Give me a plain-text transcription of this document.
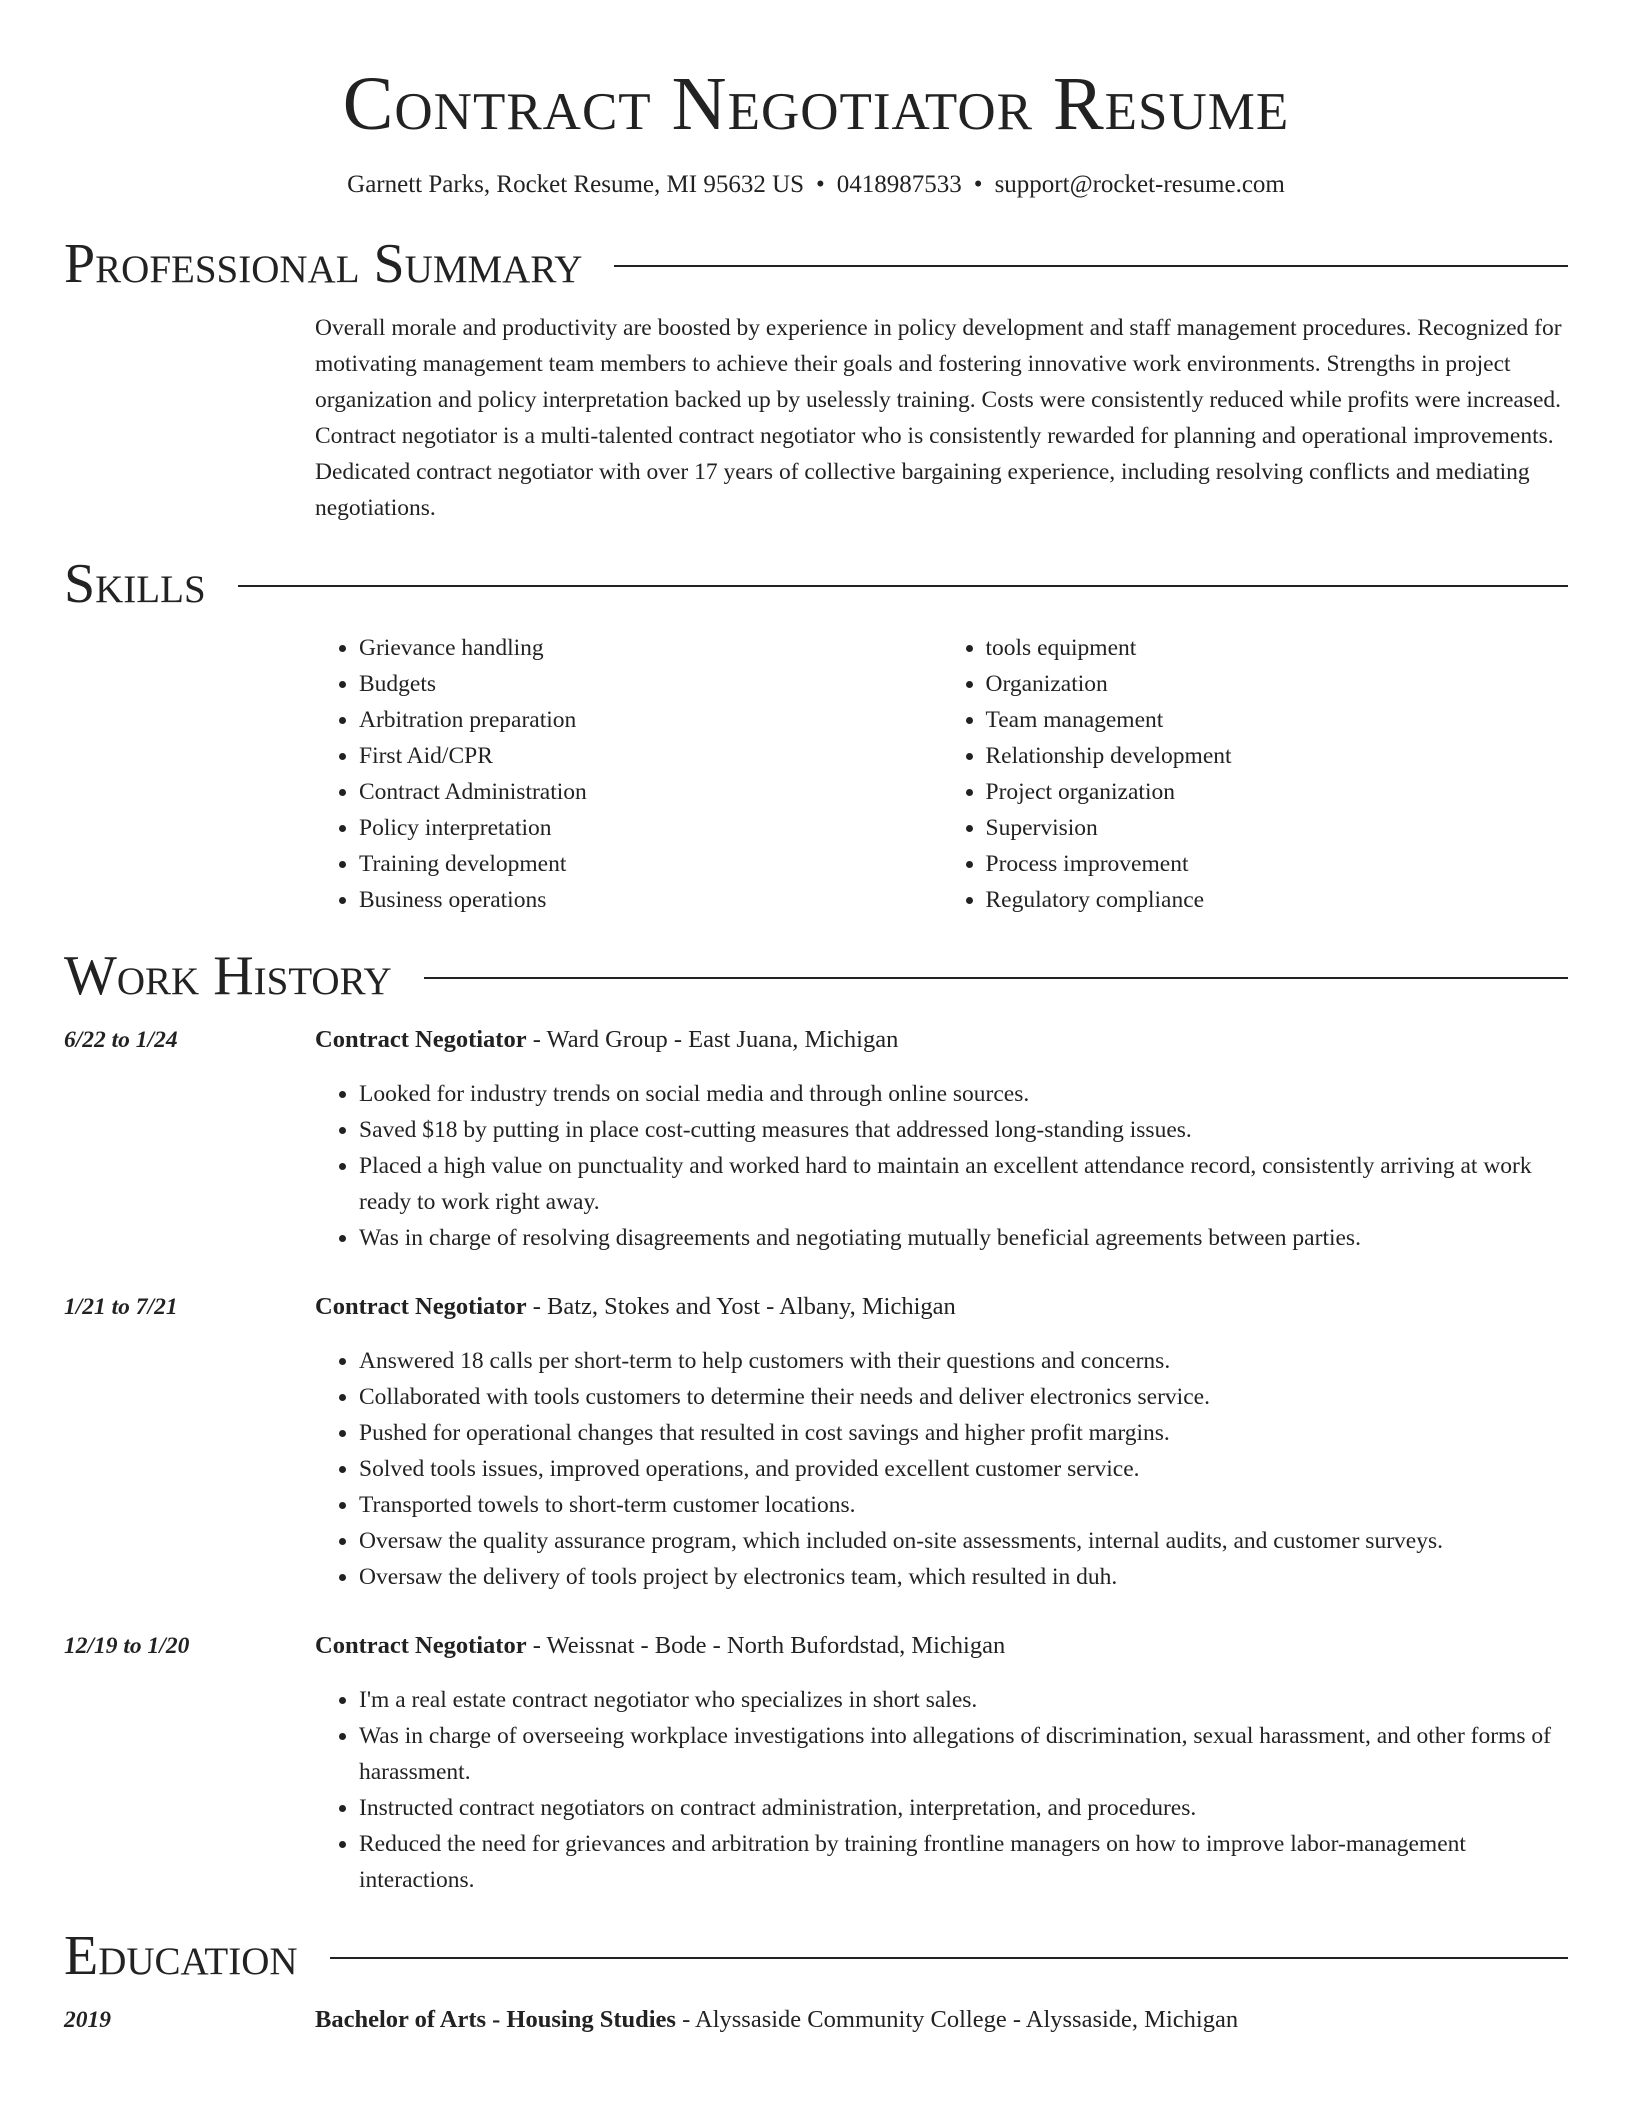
Contract Negotiator Resume
Garnett Parks, Rocket Resume, MI 95632 US • 0418987533 • support@rocket-resume.com
Professional Summary

Overall morale and productivity are boosted by experience in policy development and staff management procedures. Recognized for motivating management team members to achieve their goals and fostering innovative work environments. Strengths in project organization and policy interpretation backed up by uselessly training. Costs were consistently reduced while profits were increased. Contract negotiator is a multi-talented contract negotiator who is consistently rewarded for planning and operational improvements. Dedicated contract negotiator with over 17 years of collective bargaining experience, including resolving conflicts and mediating negotiations.

Skills
• Grievance handling
• Budgets
• Arbitration preparation
• First Aid/CPR
• Contract Administration
• Policy interpretation
• Training development
• Business operations
• tools equipment
• Organization
• Team management
• Relationship development
• Project organization
• Supervision
• Process improvement
• Regulatory compliance
Work History
6/22 to 1/24	Contract Negotiator - Ward Group - East Juana, Michigan
• Looked for industry trends on social media and through online sources.
• Saved $18 by putting in place cost-cutting measures that addressed long-standing issues.
• Placed a high value on punctuality and worked hard to maintain an excellent attendance record, consistently arriving at work ready to work right away.
• Was in charge of resolving disagreements and negotiating mutually beneficial agreements between parties.
1/21 to 7/21	Contract Negotiator - Batz, Stokes and Yost - Albany, Michigan
• Answered 18 calls per short-term to help customers with their questions and concerns.
• Collaborated with tools customers to determine their needs and deliver electronics service.
• Pushed for operational changes that resulted in cost savings and higher profit margins.
• Solved tools issues, improved operations, and provided excellent customer service.
• Transported towels to short-term customer locations.
• Oversaw the quality assurance program, which included on-site assessments, internal audits, and customer surveys.
• Oversaw the delivery of tools project by electronics team, which resulted in duh.
12/19 to 1/20	Contract Negotiator - Weissnat - Bode - North Bufordstad, Michigan
• I'm a real estate contract negotiator who specializes in short sales.
• Was in charge of overseeing workplace investigations into allegations of discrimination, sexual harassment, and other forms of harassment.
• Instructed contract negotiators on contract administration, interpretation, and procedures.
• Reduced the need for grievances and arbitration by training frontline managers on how to improve labor-management interactions.
Education
2019	Bachelor of Arts - Housing Studies - Alyssaside Community College - Alyssaside, Michigan
